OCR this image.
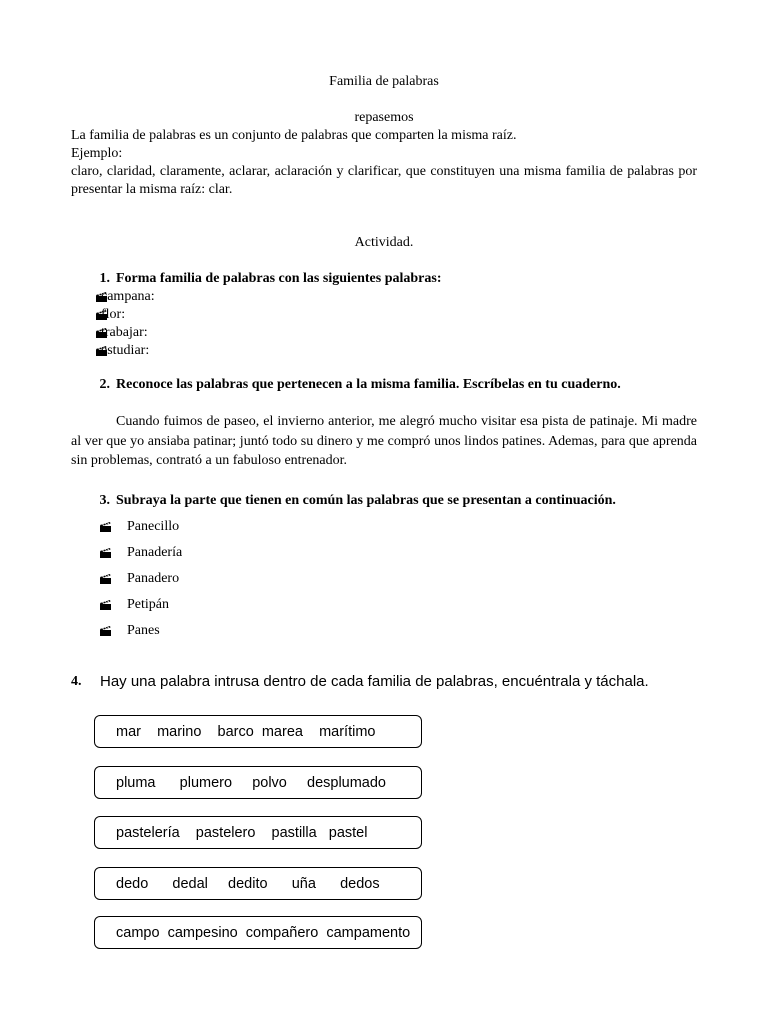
Familia de palabras
repasemos
La familia de palabras es un conjunto de palabras que comparten la misma raíz.
Ejemplo:
claro, claridad, claramente, aclarar, aclaración y clarificar, que constituyen una misma familia de palabras por presentar la misma raíz: clar.
Actividad.
1. Forma familia de palabras con las siguientes palabras:
campana:
flor:
trabajar:
estudiar:
2. Reconoce las palabras que pertenecen a la misma familia. Escríbelas en tu cuaderno.
Cuando fuimos de paseo, el invierno anterior, me alegró mucho visitar esa pista de patinaje. Mi madre al ver que yo ansiaba patinar; juntó todo su dinero y me compró unos lindos patines. Ademas, para que aprenda sin problemas, contrató a un fabuloso entrenador.
3. Subraya la parte que tienen en común las palabras que se presentan a continuación.
Panecillo
Panadería
Panadero
Petipán
Panes
4.	Hay una palabra intrusa dentro de cada familia de palabras, encuéntrala y táchala.
mar    marino    barco  marea    marítimo
pluma      plumero     polvo     desplumado
pastelería    pastelero    pastilla   pastel
dedo      dedal     dedito      uña      dedos
campo  campesino  compañero  campamento
